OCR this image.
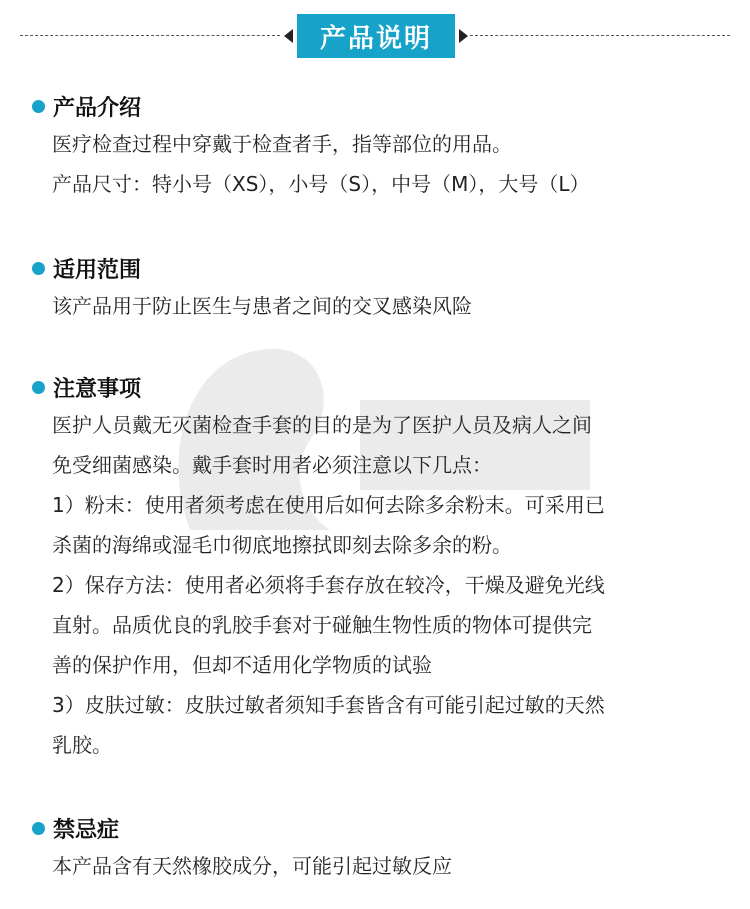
产品说明
产品介绍
医疗检查过程中穿戴于检查者手，指等部位的用品。
产品尺寸：特小号（XS），小号（S），中号（M），大号（L）
适用范围
该产品用于防止医生与患者之间的交叉感染风险
注意事项
医护人员戴无灭菌检查手套的目的是为了医护人员及病人之间
免受细菌感染。戴手套时用者必须注意以下几点：
1）粉末：使用者须考虑在使用后如何去除多余粉末。可采用已
杀菌的海绵或湿毛巾彻底地擦拭即刻去除多余的粉。
2）保存方法：使用者必须将手套存放在较冷，干燥及避免光线
直射。品质优良的乳胶手套对于碰触生物性质的物体可提供完
善的保护作用，但却不适用化学物质的试验
3）皮肤过敏：皮肤过敏者须知手套皆含有可能引起过敏的天然
乳胶。
禁忌症
本产品含有天然橡胶成分，可能引起过敏反应
